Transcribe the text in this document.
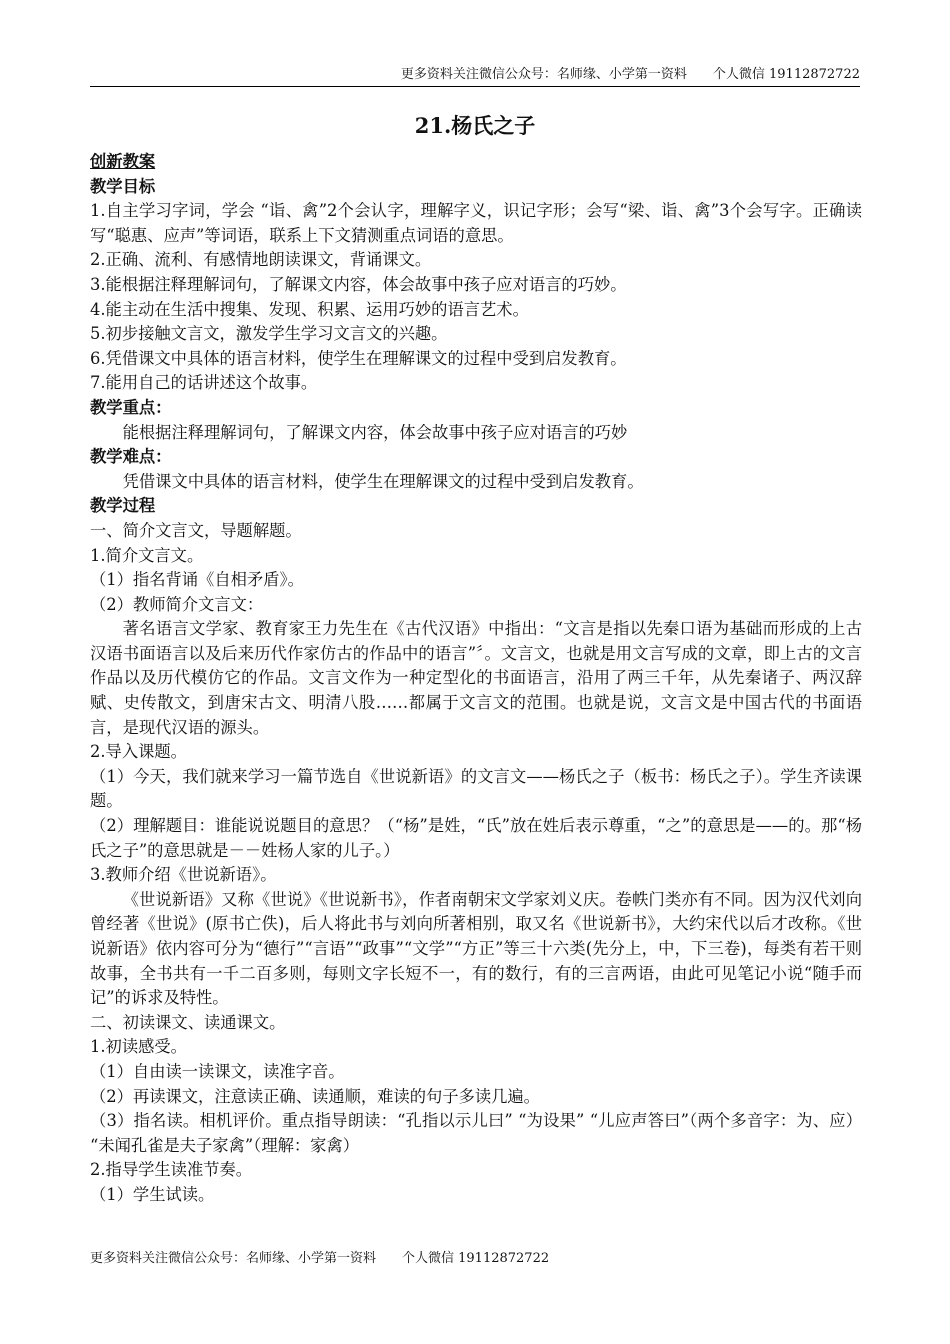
更多资料关注微信公众号：名师缘、小学第一资料　　个人微信 19112872722
21.杨氏之子

创新教案

教学目标

1.自主学习字词，学会 “诣、禽”2个会认字，理解字义，识记字形；会写“梁、诣、禽”3个会写字。正确读写“聪惠、应声”等词语，联系上下文猜测重点词语的意思。

2.正确、流利、有感情地朗读课文，背诵课文。

3.能根据注释理解词句，了解课文内容，体会故事中孩子应对语言的巧妙。

4.能主动在生活中搜集、发现、积累、运用巧妙的语言艺术。

5.初步接触文言文，激发学生学习文言文的兴趣。

6.凭借课文中具体的语言材料，使学生在理解课文的过程中受到启发教育。

7.能用自己的话讲述这个故事。

教学重点：

能根据注释理解词句，了解课文内容，体会故事中孩子应对语言的巧妙

教学难点：

凭借课文中具体的语言材料，使学生在理解课文的过程中受到启发教育。

教学过程

一、简介文言文，导题解题。

1.简介文言文。

（1）指名背诵《自相矛盾》。

（2）教师简介文言文：

著名语言文学家、教育家王力先生在《古代汉语》中指出：“文言是指以先秦口语为基础而形成的上古汉语书面语言以及后来历代作家仿古的作品中的语言”〞。文言文，也就是用文言写成的文章，即上古的文言作品以及历代模仿它的作品。文言文作为一种定型化的书面语言，沿用了两三千年，从先秦诸子、两汉辞赋、史传散文，到唐宋古文、明清八股……都属于文言文的范围。也就是说，文言文是中国古代的书面语言，是现代汉语的源头。

2.导入课题。

（1）今天，我们就来学习一篇节选自《世说新语》的文言文——杨氏之子（板书：杨氏之子）。学生齐读课题。

（2）理解题目：谁能说说题目的意思？（“杨”是姓，“氏”放在姓后表示尊重，“之”的意思是——的。那“杨氏之子”的意思就是－－姓杨人家的儿子。）

3.教师介绍《世说新语》。

《世说新语》又称《世说》《世说新书》，作者南朝宋文学家刘义庆。卷帙门类亦有不同。因为汉代刘向曾经著《世说》(原书亡佚)，后人将此书与刘向所著相别，取又名《世说新书》，大约宋代以后才改称。《世说新语》依内容可分为“德行”“言语”“政事”“文学”“方正”等三十六类(先分上，中，下三卷)，每类有若干则故事，全书共有一千二百多则，每则文字长短不一，有的数行，有的三言两语，由此可见笔记小说“随手而记”的诉求及特性。

二、初读课文、读通课文。

1.初读感受。

（1）自由读一读课文，读准字音。

（2）再读课文，注意读正确、读通顺，难读的句子多读几遍。

（3）指名读。相机评价。重点指导朗读：“孔指以示儿曰” “为设果” “儿应声答曰”（两个多音字：为、应） “未闻孔雀是夫子家禽”（理解：家禽）

2.指导学生读准节奏。

（1）学生试读。

更多资料关注微信公众号：名师缘、小学第一资料　　个人微信 19112872722
